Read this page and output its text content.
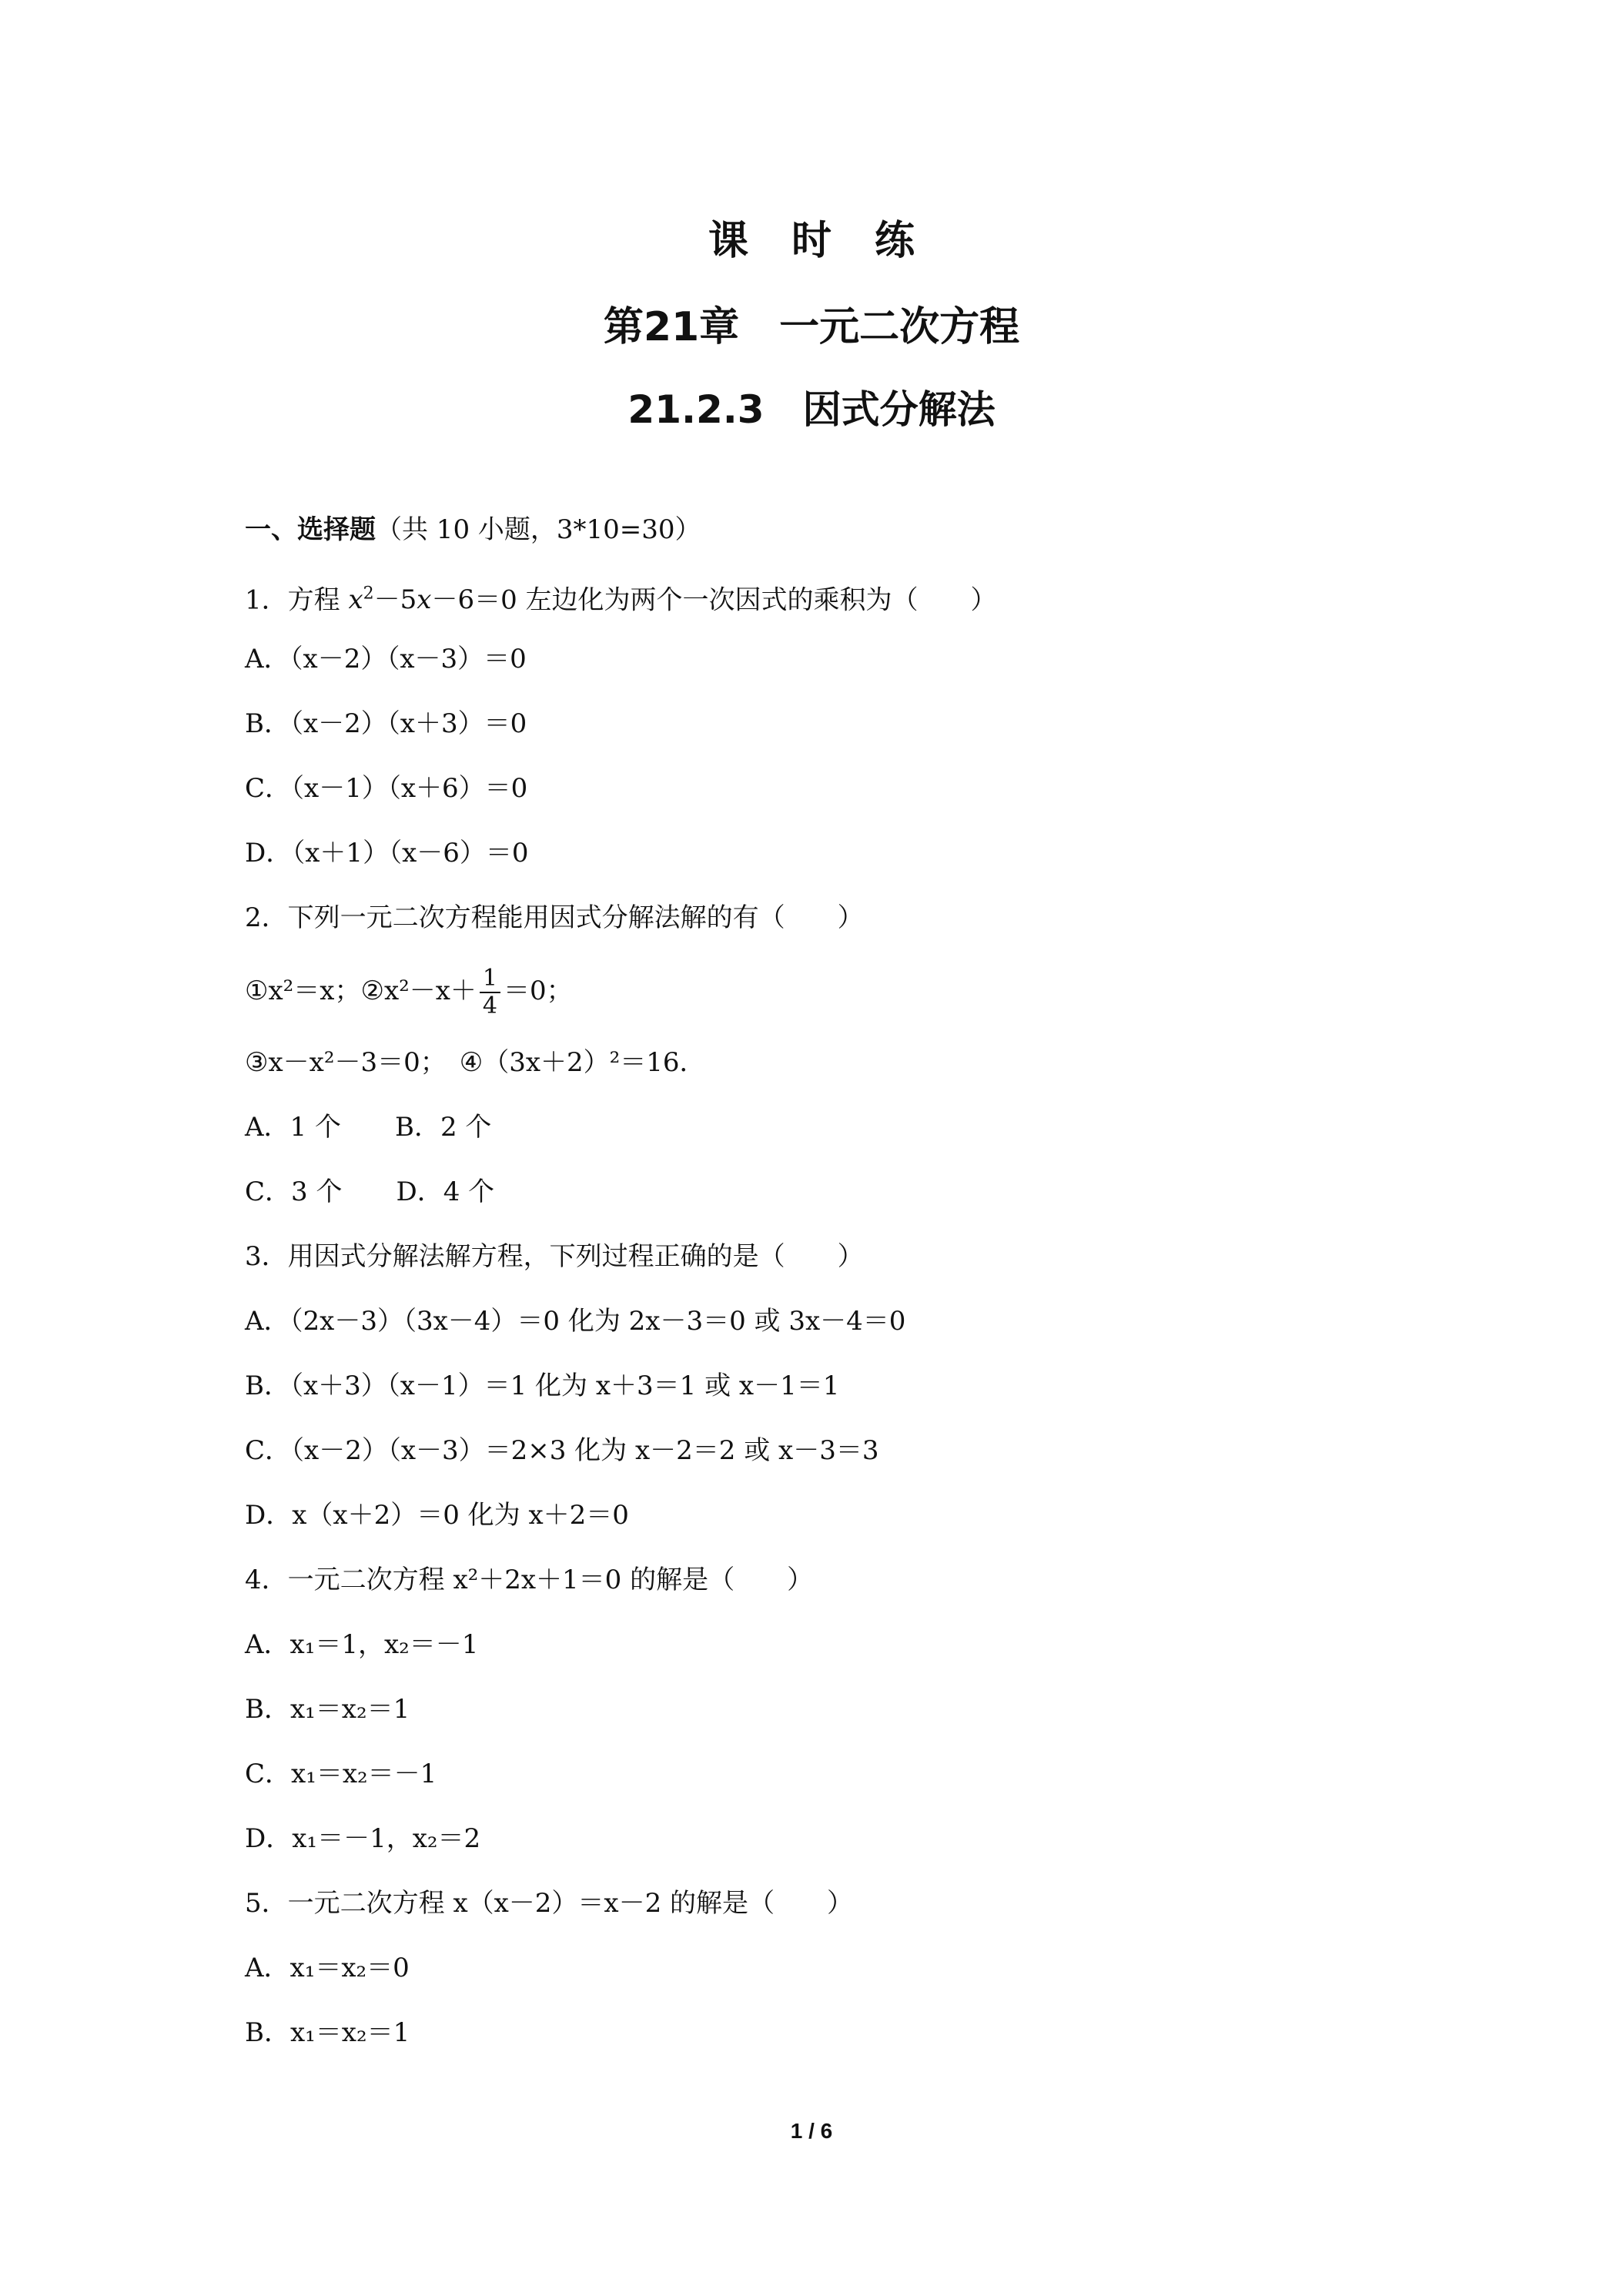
课时练
第21章　一元二次方程
21.2.3　因式分解法
一、选择题（共 10 小题，3*10=30）
1．方程 $x^2-5x-6=0$ 左边化为两个一次因式的乘积为（　　）
A．（x－2）（x－3）＝0
B．（x－2）（x＋3）＝0
C．（x－1）（x＋6）＝0
D．（x＋1）（x－6）＝0
2．下列一元二次方程能用因式分解法解的有（　　）
①x²＝x；②x²－x＋ $\frac{1}{4} =0$；
③x－x²－3＝0；　④（3x＋2）²＝16．
A．1 个 B．2 个
C．3 个 D．4 个
3．用因式分解法解方程，下列过程正确的是（　　）
A．（2x－3）（3x－4）＝0 化为 2x－3＝0 或 3x－4＝0
B．（x＋3）（x－1）＝1 化为 x＋3＝1 或 x－1＝1
C．（x－2）（x－3）＝2×3 化为 x－2＝2 或 x－3＝3
D．x（x＋2）＝0 化为 x＋2＝0
4．一元二次方程 x²＋2x＋1＝0 的解是（　　）
A．x₁＝1，x₂＝－1
B．x₁＝x₂＝1
C．x₁＝x₂＝－1
D．x₁＝－1，x₂＝2
5．一元二次方程 x（x－2）＝x－2 的解是（　　）
A．x₁＝x₂＝0
B．x₁＝x₂＝1
1 / 6
